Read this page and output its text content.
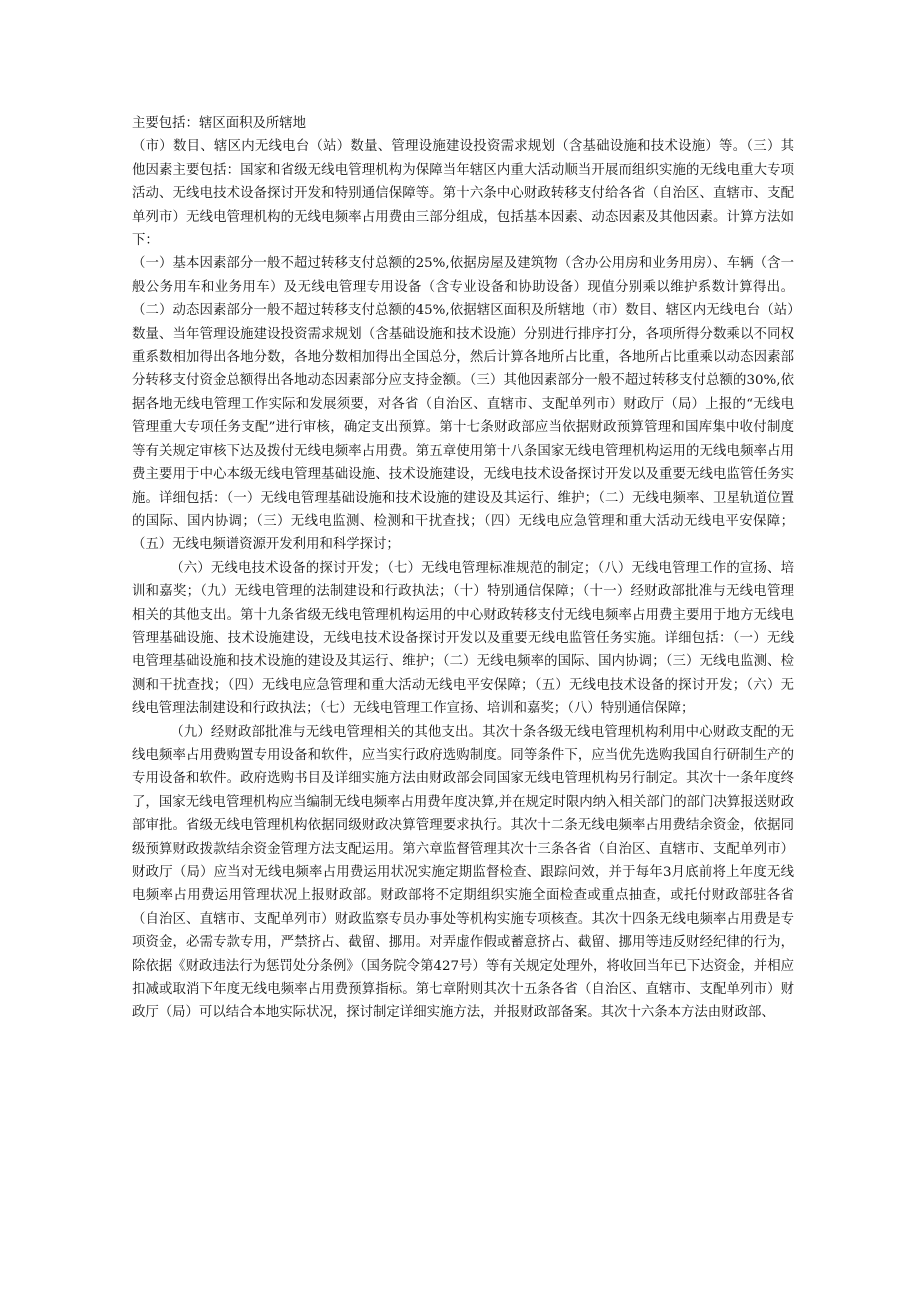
主要包括：辖区面积及所辖地

（市）数目、辖区内无线电台（站）数量、管理设施建设投资需求规划（含基础设施和技术设施）等。（三）其他因素主要包括：国家和省级无线电管理机构为保障当年辖区内重大活动顺当开展而组织实施的无线电重大专项活动、无线电技术设备探讨开发和特别通信保障等。第十六条中心财政转移支付给各省（自治区、直辖市、支配单列市）无线电管理机构的无线电频率占用费由三部分组成，包括基本因素、动态因素及其他因素。计算方法如下：

（一）基本因素部分一般不超过转移支付总额的25%,依据房屋及建筑物（含办公用房和业务用房）、车辆（含一般公务用车和业务用车）及无线电管理专用设备（含专业设备和协助设备）现值分别乘以维护系数计算得出。（二）动态因素部分一般不超过转移支付总额的45%,依据辖区面积及所辖地（市）数目、辖区内无线电台（站）数量、当年管理设施建设投资需求规划（含基础设施和技术设施）分别进行排序打分，各项所得分数乘以不同权重系数相加得出各地分数，各地分数相加得出全国总分，然后计算各地所占比重，各地所占比重乘以动态因素部分转移支付资金总额得出各地动态因素部分应支持金额。（三）其他因素部分一般不超过转移支付总额的30%,依据各地无线电管理工作实际和发展须要，对各省（自治区、直辖市、支配单列市）财政厅（局）上报的“无线电管理重大专项任务支配”进行审核，确定支出预算。第十七条财政部应当依据财政预算管理和国库集中收付制度等有关规定审核下达及拨付无线电频率占用费。第五章使用第十八条国家无线电管理机构运用的无线电频率占用费主要用于中心本级无线电管理基础设施、技术设施建设，无线电技术设备探讨开发以及重要无线电监管任务实施。详细包括：（一）无线电管理基础设施和技术设施的建设及其运行、维护；（二）无线电频率、卫星轨道位置的国际、国内协调；（三）无线电监测、检测和干扰查找；（四）无线电应急管理和重大活动无线电平安保障；（五）无线电频谱资源开发利用和科学探讨；

（六）无线电技术设备的探讨开发；（七）无线电管理标准规范的制定；（八）无线电管理工作的宣扬、培训和嘉奖；（九）无线电管理的法制建设和行政执法；（十）特别通信保障；（十一）经财政部批准与无线电管理相关的其他支出。第十九条省级无线电管理机构运用的中心财政转移支付无线电频率占用费主要用于地方无线电管理基础设施、技术设施建设，无线电技术设备探讨开发以及重要无线电监管任务实施。详细包括：（一）无线电管理基础设施和技术设施的建设及其运行、维护；（二）无线电频率的国际、国内协调；（三）无线电监测、检测和干扰查找；（四）无线电应急管理和重大活动无线电平安保障；（五）无线电技术设备的探讨开发；（六）无线电管理法制建设和行政执法；（七）无线电管理工作宣扬、培训和嘉奖；（八）特别通信保障；

（九）经财政部批准与无线电管理相关的其他支出。其次十条各级无线电管理机构利用中心财政支配的无线电频率占用费购置专用设备和软件，应当实行政府选购制度。同等条件下，应当优先选购我国自行研制生产的专用设备和软件。政府选购书目及详细实施方法由财政部会同国家无线电管理机构另行制定。其次十一条年度终了，国家无线电管理机构应当编制无线电频率占用费年度决算,并在规定时限内纳入相关部门的部门决算报送财政部审批。省级无线电管理机构依据同级财政决算管理要求执行。其次十二条无线电频率占用费结余资金，依据同级预算财政拨款结余资金管理方法支配运用。第六章监督管理其次十三条各省（自治区、直辖市、支配单列市）财政厅（局）应当对无线电频率占用费运用状况实施定期监督检查、跟踪问效，并于每年3月底前将上年度无线电频率占用费运用管理状况上报财政部。财政部将不定期组织实施全面检查或重点抽查，或托付财政部驻各省（自治区、直辖市、支配单列市）财政监察专员办事处等机构实施专项核查。其次十四条无线电频率占用费是专项资金，必需专款专用，严禁挤占、截留、挪用。对弄虚作假或蓄意挤占、截留、挪用等违反财经纪律的行为，除依据《财政违法行为惩罚处分条例》（国务院令第427号）等有关规定处理外，将收回当年已下达资金，并相应扣减或取消下年度无线电频率占用费预算指标。第七章附则其次十五条各省（自治区、直辖市、支配单列市）财政厅（局）可以结合本地实际状况，探讨制定详细实施方法，并报财政部备案。其次十六条本方法由财政部、
